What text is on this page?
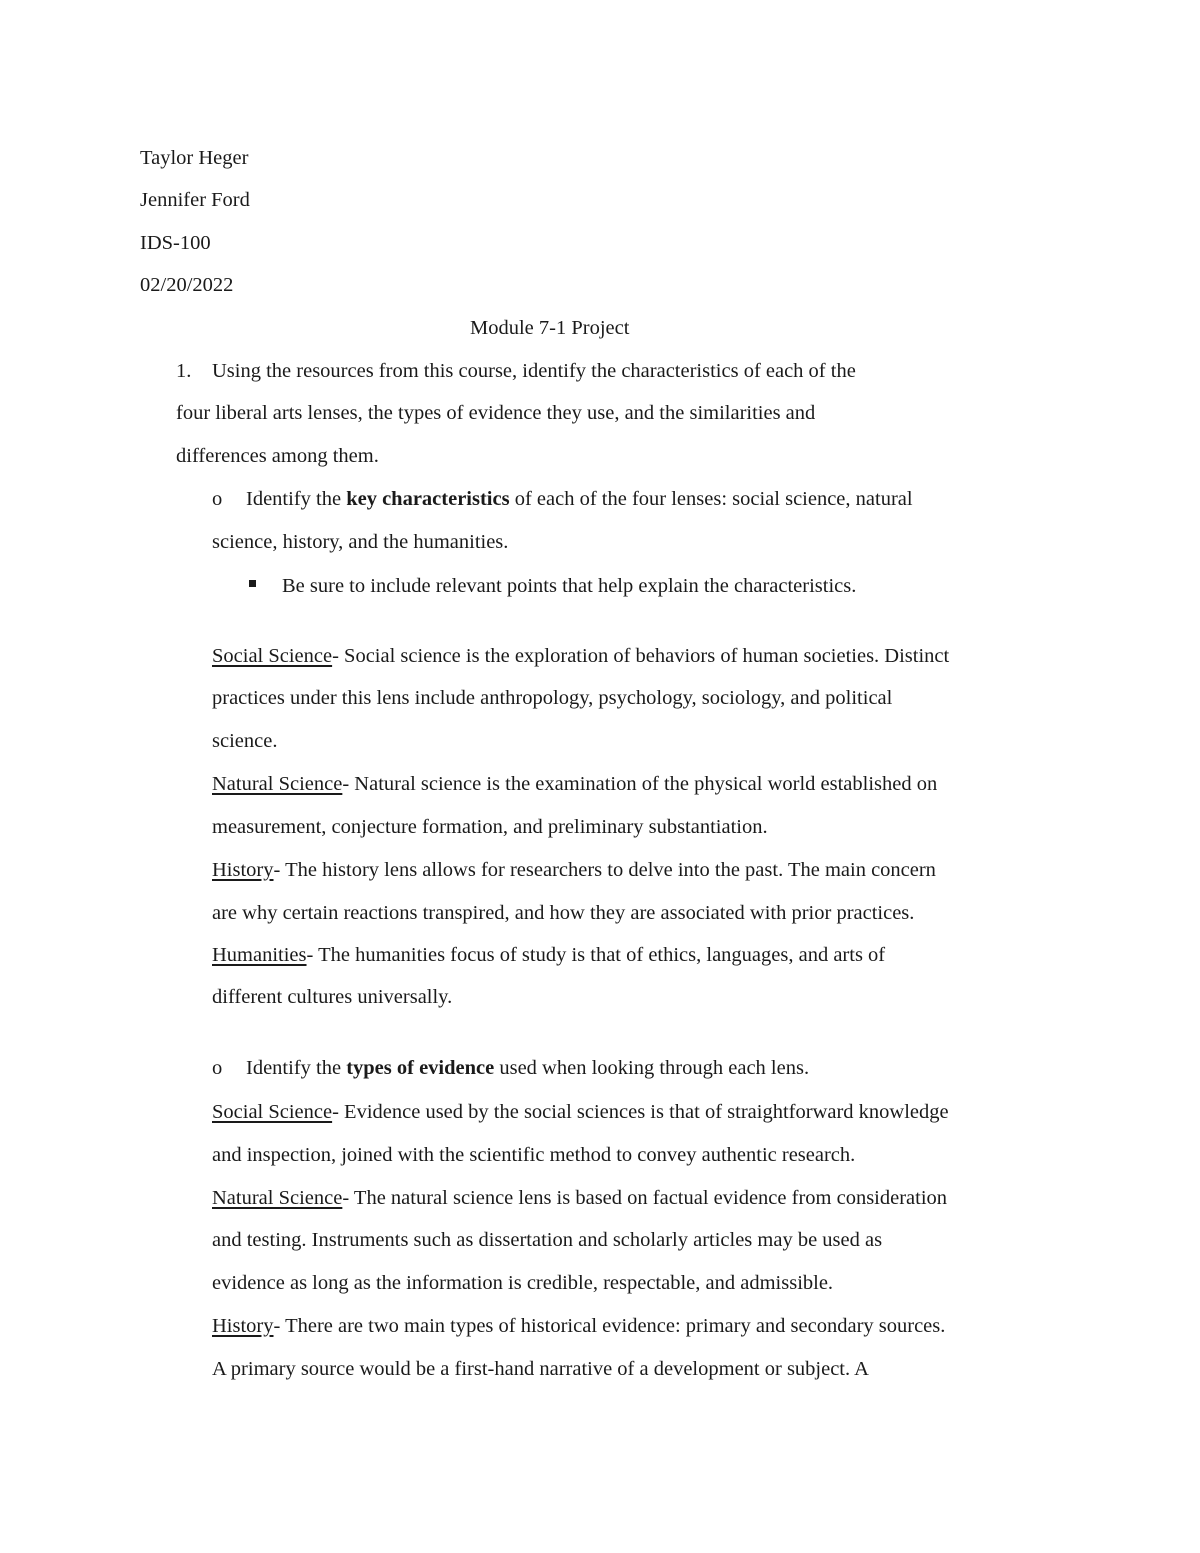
Taylor Heger
Jennifer Ford
IDS-100
02/20/2022
Module 7-1 Project
1. Using the resources from this course, identify the characteristics of each of the
four liberal arts lenses, the types of evidence they use, and the similarities and
differences among them.
o Identify the key characteristics of each of the four lenses: social science, natural
science, history, and the humanities.
Be sure to include relevant points that help explain the characteristics.
Social Science- Social science is the exploration of behaviors of human societies. Distinct
practices under this lens include anthropology, psychology, sociology, and political
science.
Natural Science- Natural science is the examination of the physical world established on
measurement, conjecture formation, and preliminary substantiation.
History- The history lens allows for researchers to delve into the past. The main concern
are why certain reactions transpired, and how they are associated with prior practices.
Humanities- The humanities focus of study is that of ethics, languages, and arts of
different cultures universally.
o Identify the types of evidence used when looking through each lens.
Social Science- Evidence used by the social sciences is that of straightforward knowledge
and inspection, joined with the scientific method to convey authentic research.
Natural Science- The natural science lens is based on factual evidence from consideration
and testing. Instruments such as dissertation and scholarly articles may be used as
evidence as long as the information is credible, respectable, and admissible.
History- There are two main types of historical evidence: primary and secondary sources.
A primary source would be a first-hand narrative of a development or subject. A
